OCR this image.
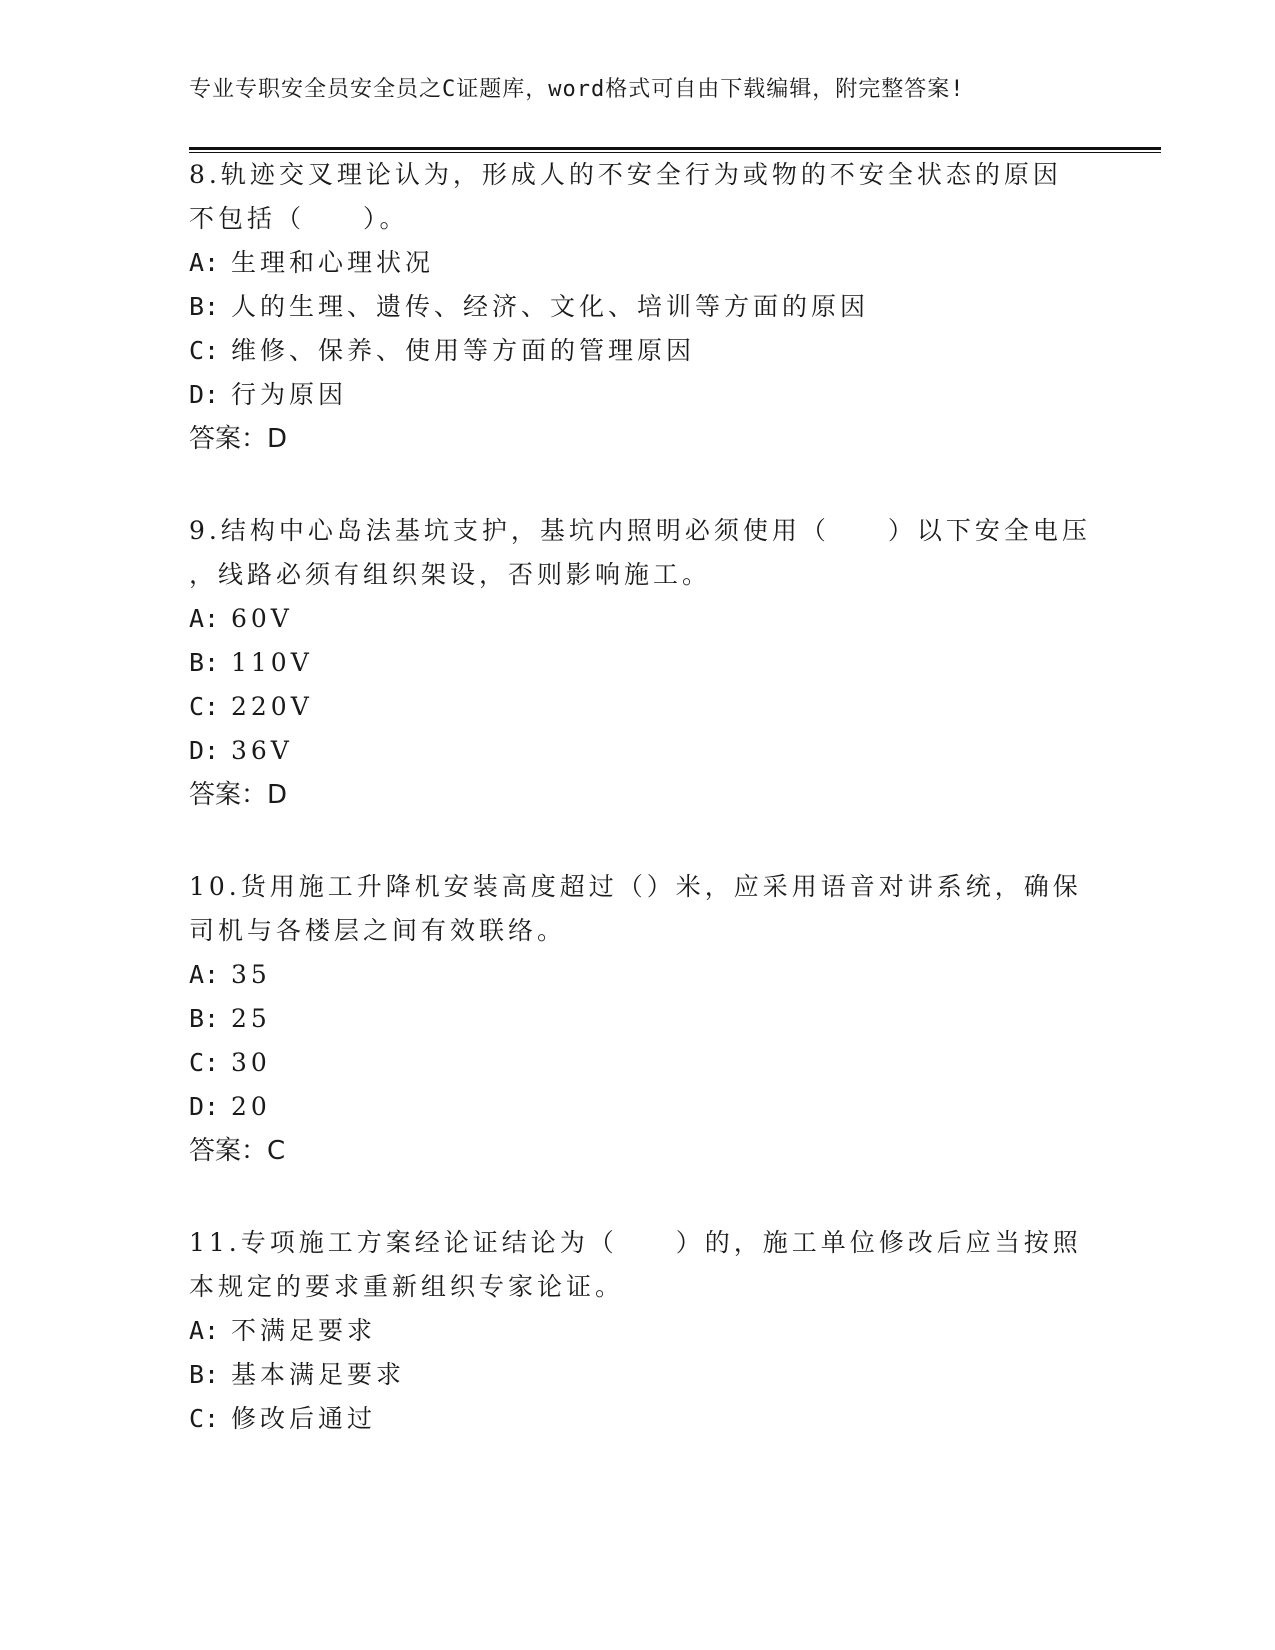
专业专职安全员安全员之C证题库，word格式可自由下载编辑，附完整答案!
8.轨迹交叉理论认为，形成人的不安全行为或物的不安全状态的原因
不包括（　　）。
A: 生理和心理状况
B: 人的生理、遗传、经济、文化、培训等方面的原因
C: 维修、保养、使用等方面的管理原因
D: 行为原因
答案：D
9.结构中心岛法基坑支护，基坑内照明必须使用（　　）以下安全电压
，线路必须有组织架设，否则影响施工。
A: 60V
B: 110V
C: 220V
D: 36V
答案：D
10.货用施工升降机安装高度超过（）米，应采用语音对讲系统，确保
司机与各楼层之间有效联络。
A: 35
B: 25
C: 30
D: 20
答案：C
11.专项施工方案经论证结论为（　　）的，施工单位修改后应当按照
本规定的要求重新组织专家论证。
A: 不满足要求
B: 基本满足要求
C: 修改后通过
